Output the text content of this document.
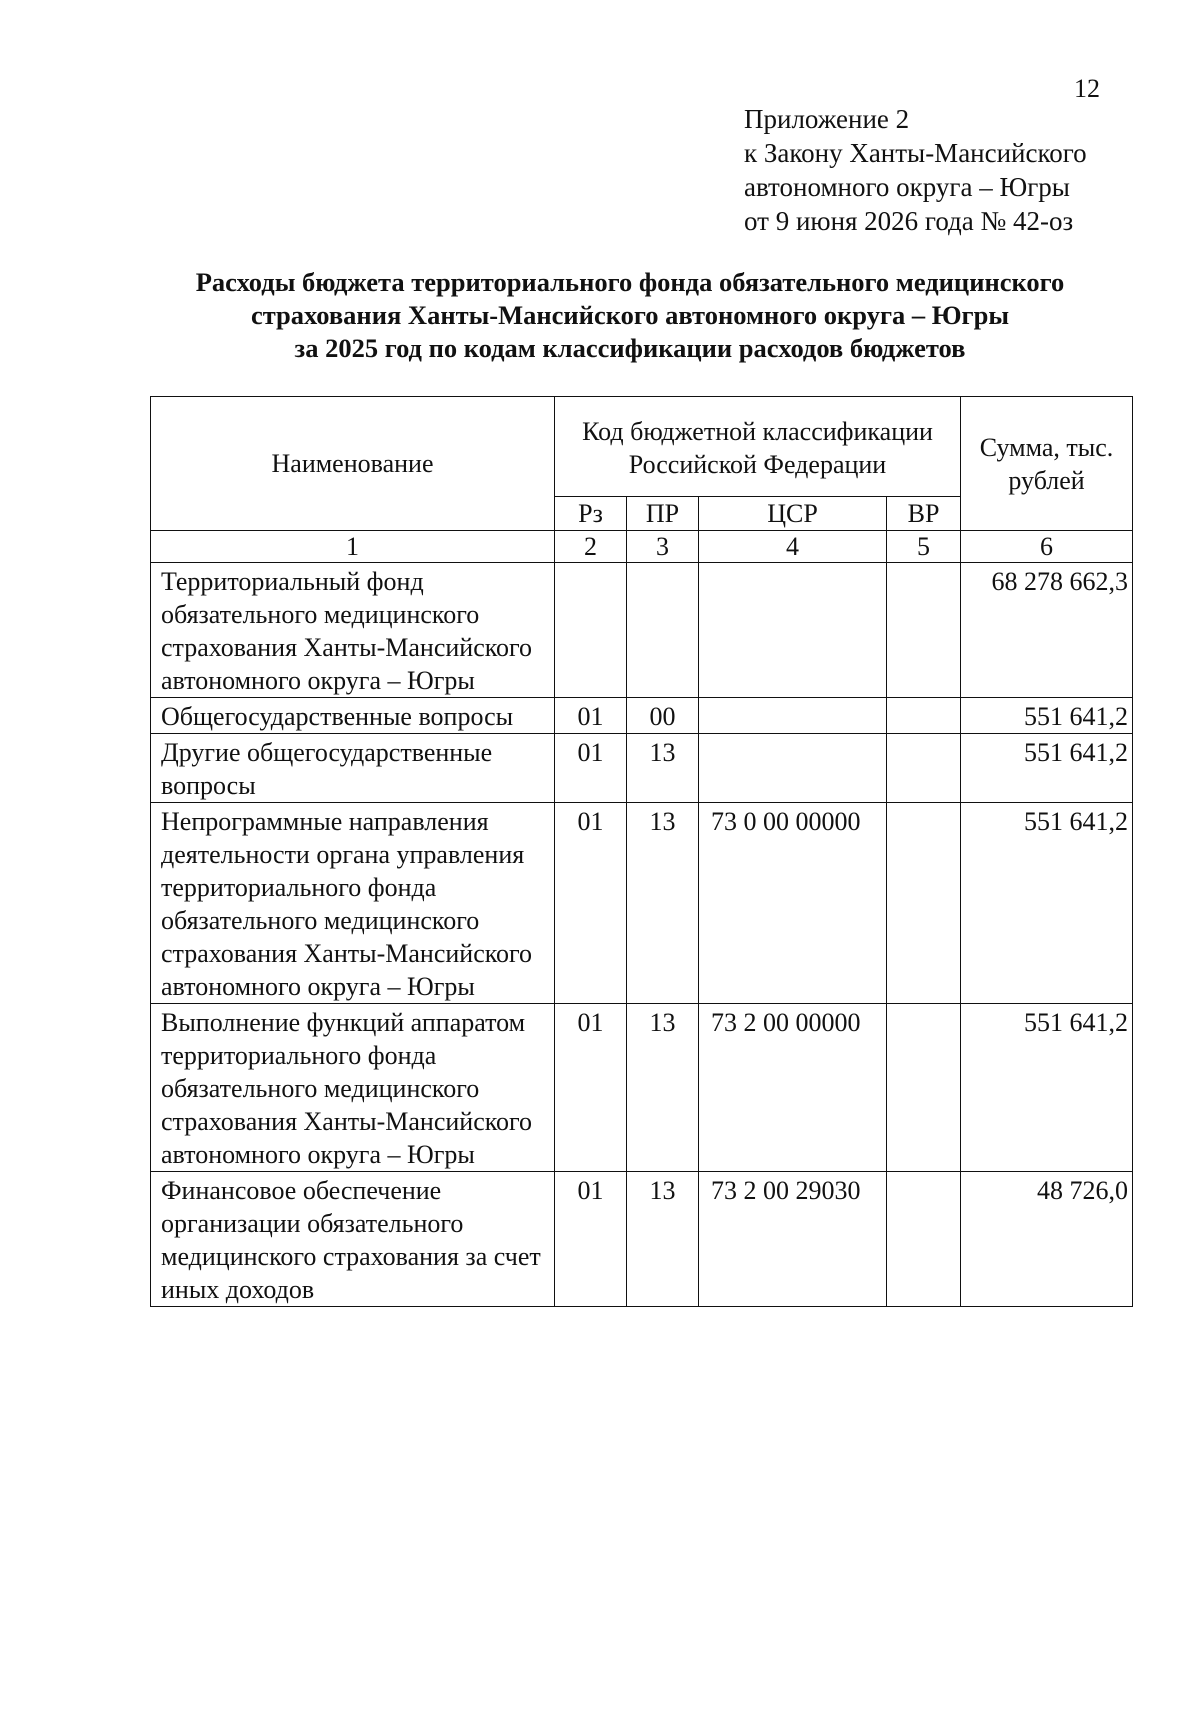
12
Приложение 2
к Закону Ханты-Мансийского
автономного округа – Югры
от 9 июня 2026 года № 42-оз
Расходы бюджета территориального фонда обязательного медицинского
страхования Ханты-Мансийского автономного округа – Югры
за 2025 год по кодам классификации расходов бюджетов
Наименование	Код бюджетной классификации Российской Федерации				Сумма, тыс. рублей
	Рз	ПР	ЦСР	ВР	
1	2	3	4	5	6
Территориальный фонд обязательного медицинского страхования Ханты-Мансийского автономного округа – Югры					68 278 662,3
Общегосударственные вопросы	01	00			551 641,2
Другие общегосударственные вопросы	01	13			551 641,2
Непрограммные направления деятельности органа управления территориального фонда обязательного медицинского страхования Ханты-Мансийского автономного округа – Югры	01	13	73 0 00 00000		551 641,2
Выполнение функций аппаратом территориального фонда обязательного медицинского страхования Ханты-Мансийского автономного округа – Югры	01	13	73 2 00 00000		551 641,2
Финансовое обеспечение организации обязательного медицинского страхования за счет иных доходов	01	13	73 2 00 29030		48 726,0
